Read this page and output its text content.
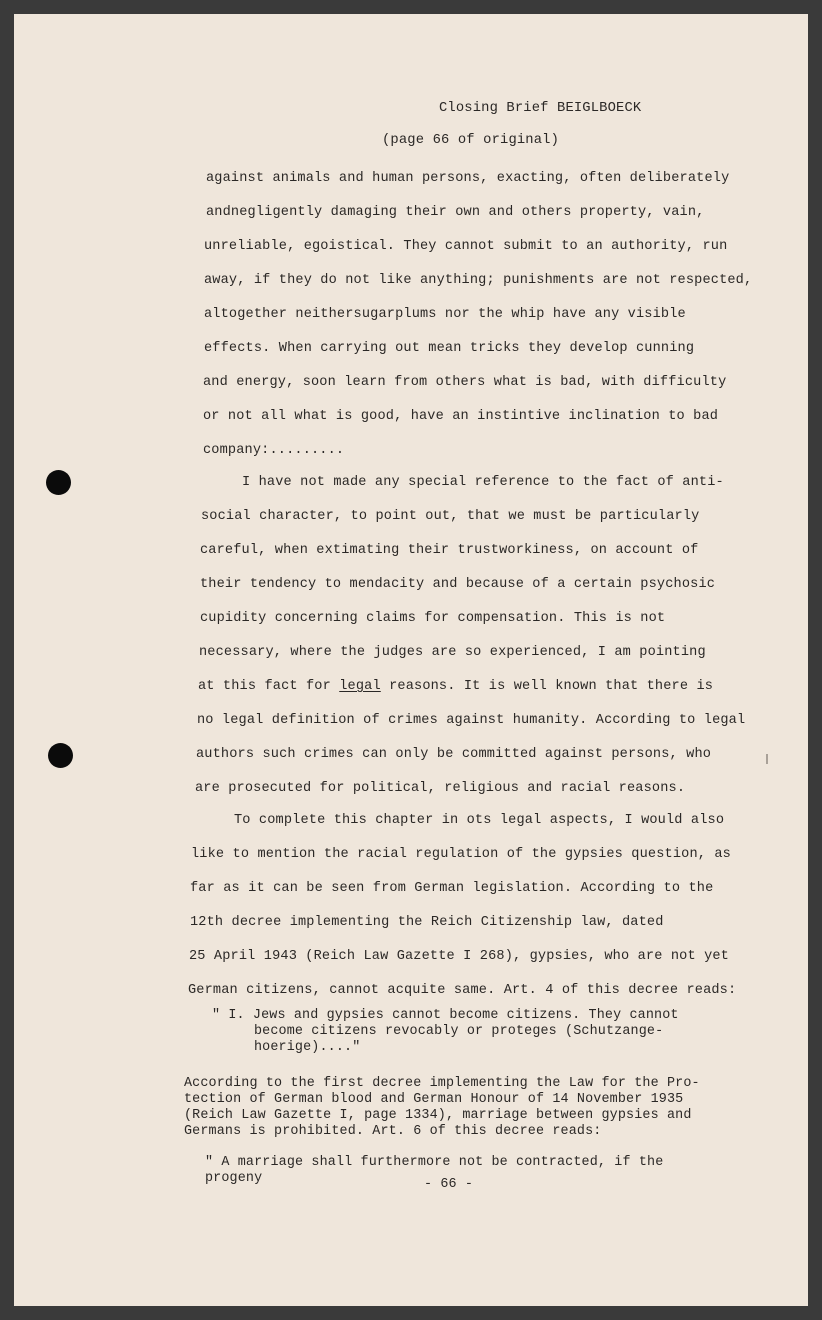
Closing Brief BEIGLBOECK
(page 66 of original)
against animals and human persons, exacting, often deliberately
andnegligently damaging their own and others property, vain,
unreliable, egoistical. They cannot submit to an authority, run
away, if they do not like anything; punishments are not respected,
altogether neithersugarplums nor the whip have any visible
effects. When carrying out mean tricks they develop cunning
and energy, soon learn from others what is bad, with difficulty
or not all what is good, have an instintive inclination to bad
company:.........
I have not made any special reference to the fact of anti-
social character, to point out, that we must be particularly
careful, when extimating their trustworkiness, on account of
their tendency to mendacity and because of a certain psychosic
cupidity concerning claims for compensation. This is not
necessary, where the judges are so experienced, I am pointing
at this fact for legal reasons. It is well known that there is
no legal definition of crimes against humanity. According to legal
authors such crimes can only be committed against persons, who
are prosecuted for political, religious and racial reasons.
To complete this chapter in ots legal aspects, I would also
like to mention the racial regulation of the gypsies question, as
far as it can be seen from German legislation. According to the
12th decree implementing the Reich Citizenship law, dated
25 April 1943 (Reich Law Gazette I 268), gypsies, who are not yet
German citizens, cannot acquite same. Art. 4 of this decree reads:
" I. Jews and gypsies cannot become citizens. They cannot
become citizens revocably or proteges (Schutzange-
hoerige)...."
According to the first decree implementing the Law for the Pro-
tection of German blood and German Honour of 14 November 1935
(Reich Law Gazette I, page 1334), marriage between gypsies and
Germans is prohibited. Art. 6 of this decree reads:
" A marriage shall furthermore not be contracted, if the
progeny	- 66 -
